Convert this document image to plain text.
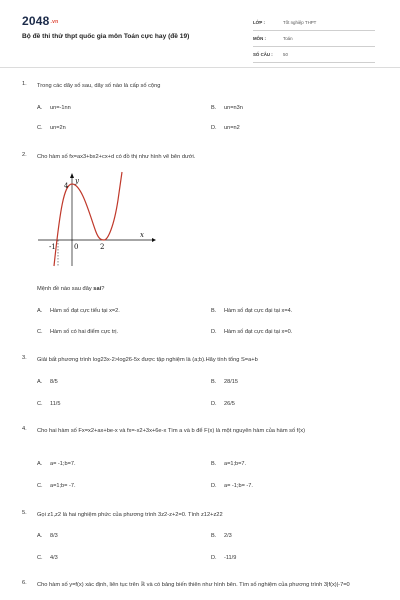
2048.vn
Bộ đề thi thử thpt quốc gia môn Toán cực hay (đề 19)
LỚP :	Tốt nghiệp THPT
MÔN :	Toán
SỐ CÂU :	50
1. Trong các dãy số sau, dãy số nào là cấp số cộng
A. un=-1nn	B. un=n3n
C. un=2n	D. un=n2
2. Cho hàm số fx=ax3+bx2+cx+d có đồ thị như hình vẽ bên dưới.
y
4
x
-1	0	2
Mệnh đề nào sau đây sai?
A. Hàm số đạt cực tiểu tại x=2.	B. Hàm số đạt cực đại tại x=4.
C. Hàm số có hai điểm cực trị.	D. Hàm số đạt cực đại tại x=0.
3. Giải bất phương trình log23x-2>log26-5x được tập nghiệm là (a;b).Hãy tính tổng S=a+b
A. 8/5	B. 28/15
C. 11/5	D. 26/5
4. Cho hai hàm số Fx=x2+ax+be-x và fx=-x2+3x+6e-x Tìm a và b để F(x) là một nguyên hàm của hàm số f(x)
A. a= -1;b=7.	B. a=1;b=7.
C. a=1;b= -7.	D. a= -1;b= -7.
5. Gọi z1,z2 là hai nghiệm phức của phương trình 3z2-z+2=0. Tính z12+z22
A. 8/3	B. 2/3
C. 4/3	D. -11/9
6. Cho hàm số y=f(x) xác định, liên tục trên ℝ và có bảng biến thiên như hình bên. Tìm số nghiệm của phương trình 3|f(x)|-7=0
